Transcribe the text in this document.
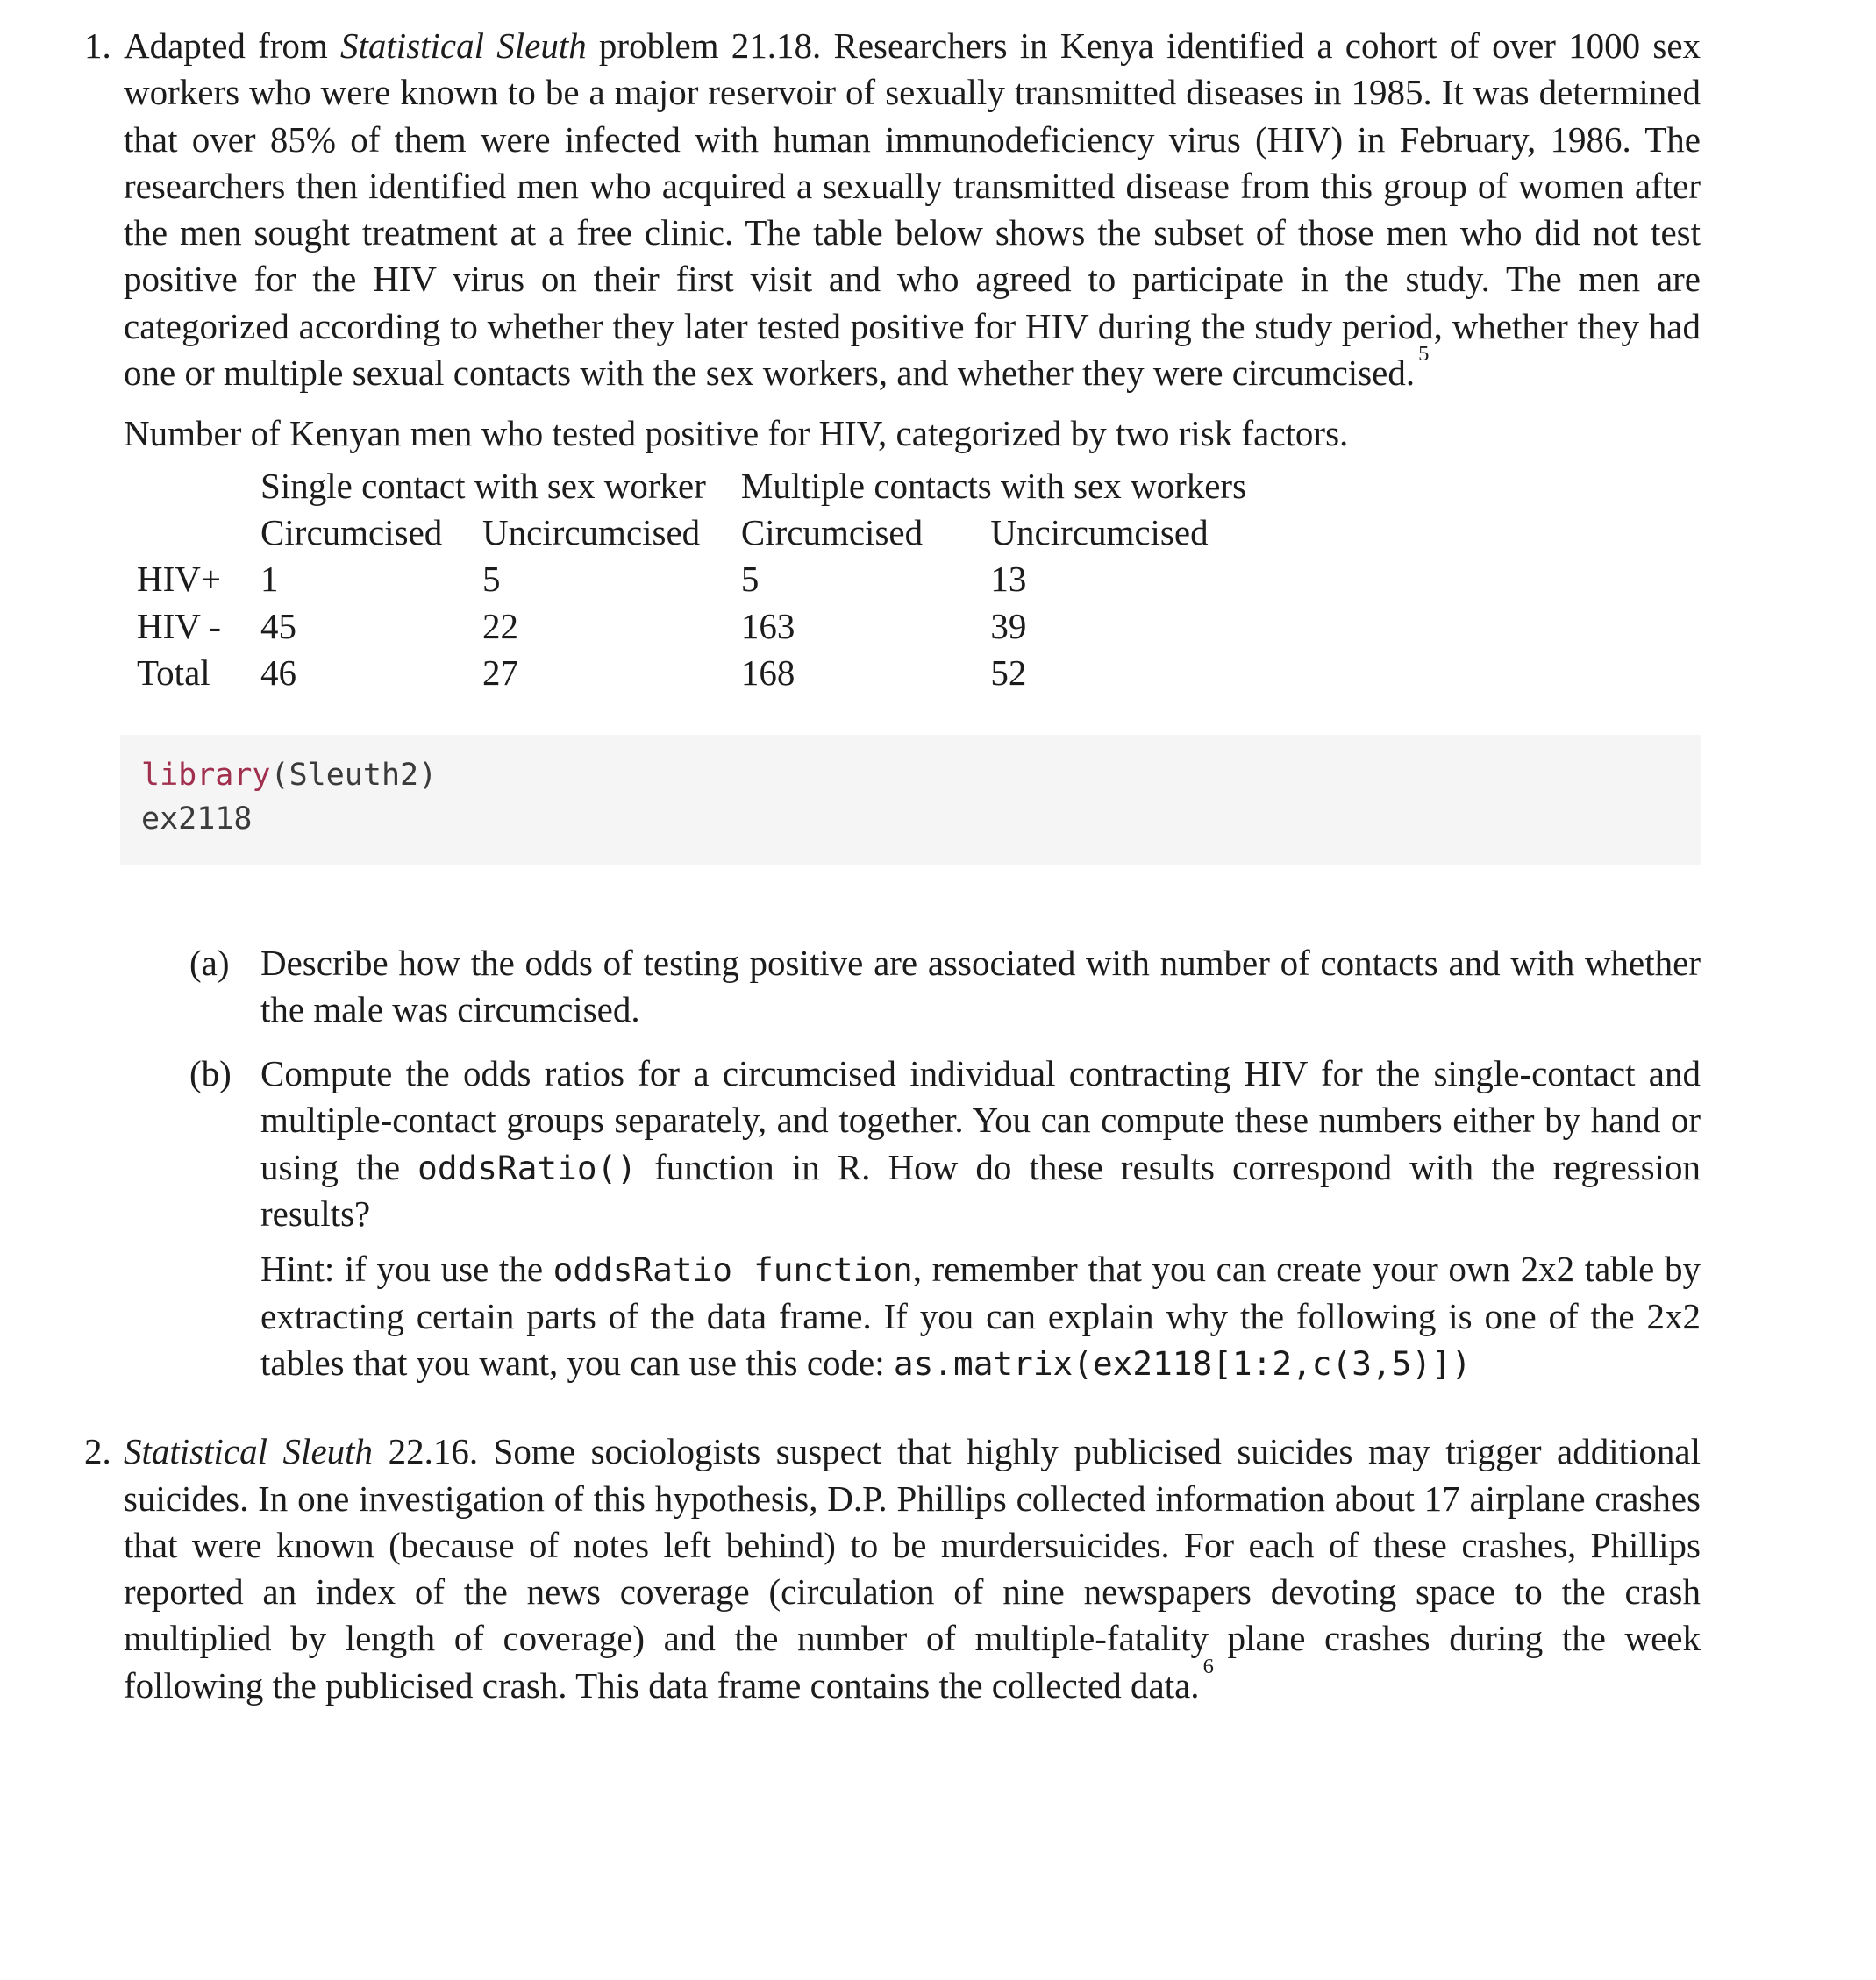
1. Adapted from Statistical Sleuth problem 21.18. Researchers in Kenya identified a cohort of over 1000 sex workers who were known to be a major reservoir of sexually transmitted diseases in 1985. It was determined that over 85% of them were infected with human immunodeficiency virus (HIV) in February, 1986. The researchers then identified men who acquired a sexually transmitted disease from this group of women after the men sought treatment at a free clinic. The table below shows the subset of those men who did not test positive for the HIV virus on their first visit and who agreed to participate in the study. The men are categorized according to whether they later tested positive for HIV during the study period, whether they had one or multiple sexual contacts with the sex workers, and whether they were circumcised. $^5$

Number of Kenyan men who tested positive for HIV, categorized by two risk factors.

	Single contact with sex worker		Multiple contacts with sex workers	
	Circumcised	Uncircumcised	Circumcised	Uncircumcised
HIV+	1	5	5	13
HIV -	45	22	163	39
Total	46	27	168	52
library(Sleuth2)
ex2118
(a) Describe how the odds of testing positive are associated with number of contacts and with whether the male was circumcised.

(b) Compute the odds ratios for a circumcised individual contracting HIV for the single-contact and multiple-contact groups separately, and together. You can compute these numbers either by hand or using the oddsRatio() function in R. How do these results correspond with the regression results?

Hint: if you use the oddsRatio function, remember that you can create your own 2x2 table by extracting certain parts of the data frame. If you can explain why the following is one of the 2x2 tables that you want, you can use this code: as.matrix(ex2118[1:2,c(3,5)])

2. Statistical Sleuth 22.16. Some sociologists suspect that highly publicised suicides may trigger additional suicides. In one investigation of this hypothesis, D.P. Phillips collected information about 17 airplane crashes that were known (because of notes left behind) to be murdersuicides. For each of these crashes, Phillips reported an index of the news coverage (circulation of nine newspapers devoting space to the crash multiplied by length of coverage) and the number of multiple-fatality plane crashes during the week following the publicised crash. This data frame contains the collected data. $^6$
